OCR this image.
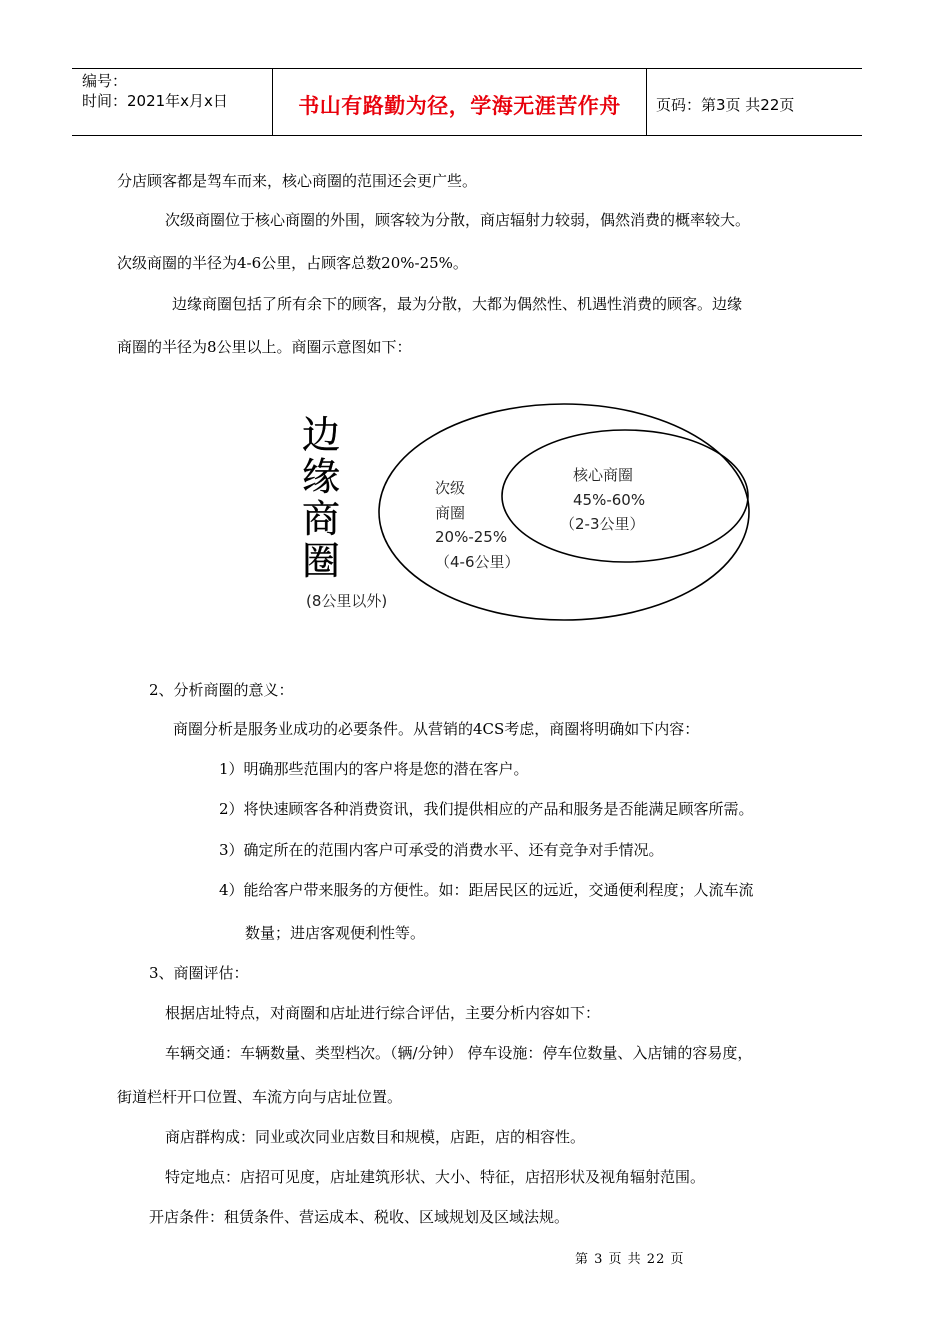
编号：
时间：2021年x月x日	书山有路勤为径，学海无涯苦作舟	页码：第3页 共22页
分店顾客都是驾车而来，核心商圈的范围还会更广些。
次级商圈位于核心商圈的外围，顾客较为分散，商店辐射力较弱，偶然消费的概率较大。
次级商圈的半径为4-6公里，占顾客总数20%-25%。
边缘商圈包括了所有余下的顾客，最为分散，大都为偶然性、机遇性消费的顾客。边缘
商圈的半径为8公里以上。商圈示意图如下：
边
缘
商
圈
(8公里以外)
次级
商圈
20%-25%
（4-6公里）
核心商圈
45%-60%
（2-3公里）
2、分析商圈的意义：
商圈分析是服务业成功的必要条件。从营销的4CS考虑，商圈将明确如下内容：
1）明确那些范围内的客户将是您的潜在客户。
2）将快速顾客各种消费资讯，我们提供相应的产品和服务是否能满足顾客所需。
3）确定所在的范围内客户可承受的消费水平、还有竞争对手情况。
4）能给客户带来服务的方便性。如：距居民区的远近，交通便利程度；人流车流
数量；进店客观便利性等。
3、商圈评估：
根据店址特点，对商圈和店址进行综合评估，主要分析内容如下：
车辆交通：车辆数量、类型档次。（辆/分钟） 停车设施：停车位数量、入店铺的容易度，
街道栏杆开口位置、车流方向与店址位置。
商店群构成：同业或次同业店数目和规模，店距，店的相容性。
特定地点：店招可见度，店址建筑形状、大小、特征，店招形状及视角辐射范围。
开店条件：租赁条件、营运成本、税收、区域规划及区域法规。
第 3 页 共 22 页
